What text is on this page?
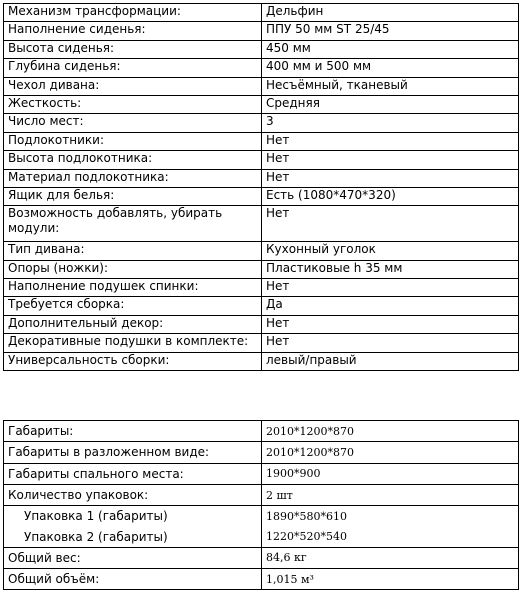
Механизм трансформации:	Дельфин
Наполнение сиденья:	ППУ 50 мм ST 25/45
Высота сиденья:	450 мм
Глубина сиденья:	400 мм и 500 мм
Чехол дивана:	Несъёмный, тканевый
Жесткость:	Средняя
Число мест:	3
Подлокотники:	Нет
Высота подлокотника:	Нет
Материал подлокотника:	Нет
Ящик для белья:	Есть (1080*470*320)
Возможность добавлять, убирать модули:	Нет
Тип дивана:	Кухонный уголок
Опоры (ножки):	Пластиковые h 35 мм
Наполнение подушек спинки:	Нет
Требуется сборка:	Да
Дополнительный декор:	Нет
Декоративные подушки в комплекте:	Нет
Универсальность сборки:	левый/правый
Габариты:	2010*1200*870
Габариты в разложенном виде:	2010*1200*870
Габариты спального места:	1900*900
Количество упаковок:	2 шт
Упаковка 1 (габариты)	1890*580*610
Упаковка 2 (габариты)	1220*520*540
Общий вес:	84,6 кг
Общий объём:	1,015 м³
